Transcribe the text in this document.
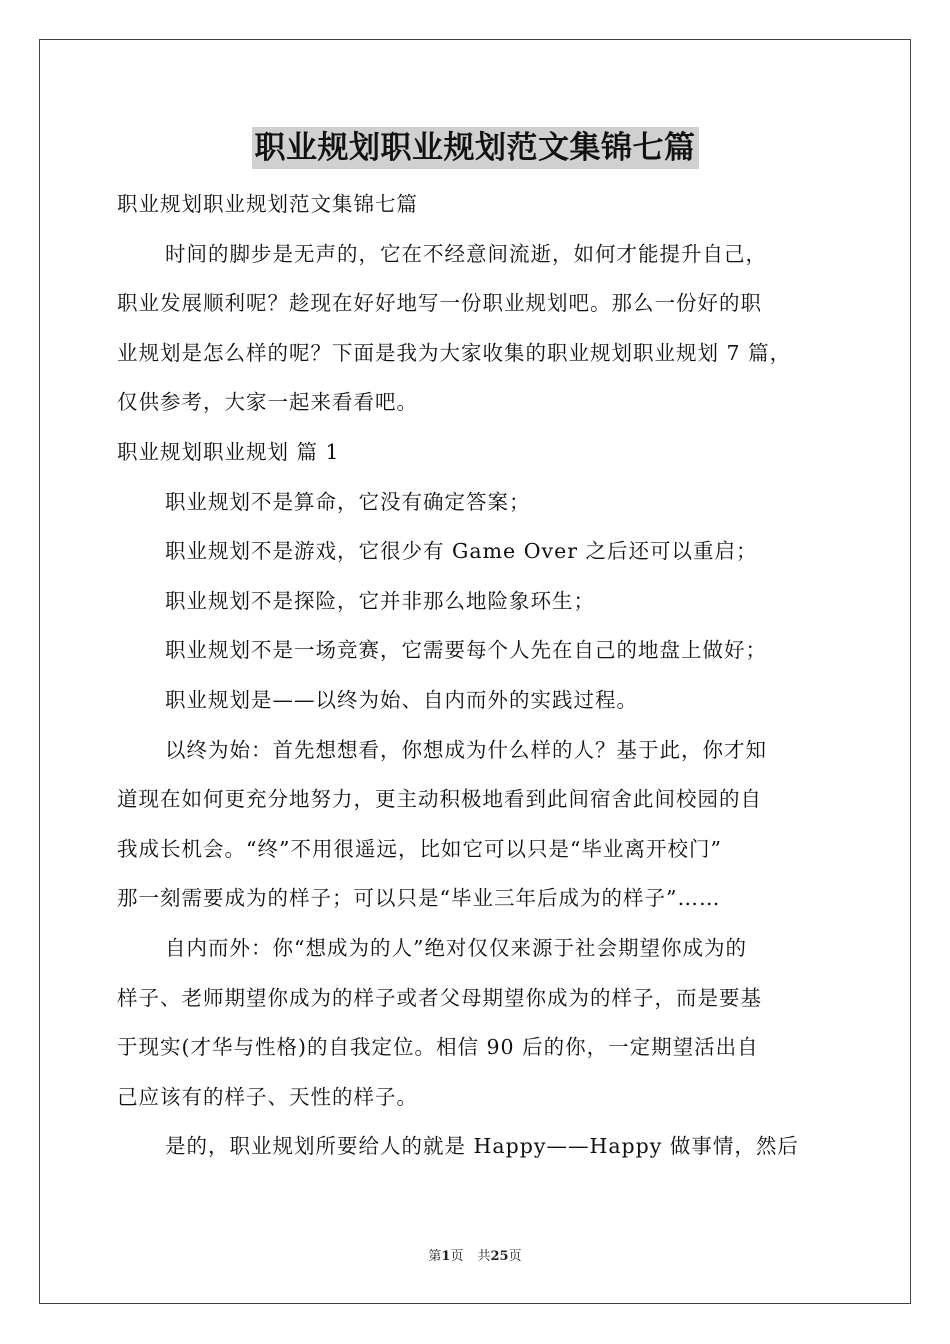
职业规划职业规划范文集锦七篇
职业规划职业规划范文集锦七篇
时间的脚步是无声的，它在不经意间流逝，如何才能提升自己，
职业发展顺利呢？趁现在好好地写一份职业规划吧。那么一份好的职
业规划是怎么样的呢？下面是我为大家收集的职业规划职业规划 7 篇，
仅供参考，大家一起来看看吧。
职业规划职业规划 篇 1
职业规划不是算命，它没有确定答案；
职业规划不是游戏，它很少有 Game Over 之后还可以重启；
职业规划不是探险，它并非那么地险象环生；
职业规划不是一场竞赛，它需要每个人先在自己的地盘上做好；
职业规划是——以终为始、自内而外的实践过程。
以终为始：首先想想看，你想成为什么样的人？基于此，你才知
道现在如何更充分地努力，更主动积极地看到此间宿舍此间校园的自
我成长机会。“终”不用很遥远，比如它可以只是“毕业离开校门”
那一刻需要成为的样子；可以只是“毕业三年后成为的样子”……
自内而外：你“想成为的人”绝对仅仅来源于社会期望你成为的
样子、老师期望你成为的样子或者父母期望你成为的样子，而是要基
于现实(才华与性格)的自我定位。相信 90 后的你，一定期望活出自
己应该有的样子、天性的样子。
是的，职业规划所要给人的就是 Happy——Happy 做事情，然后
第1页 共25页
